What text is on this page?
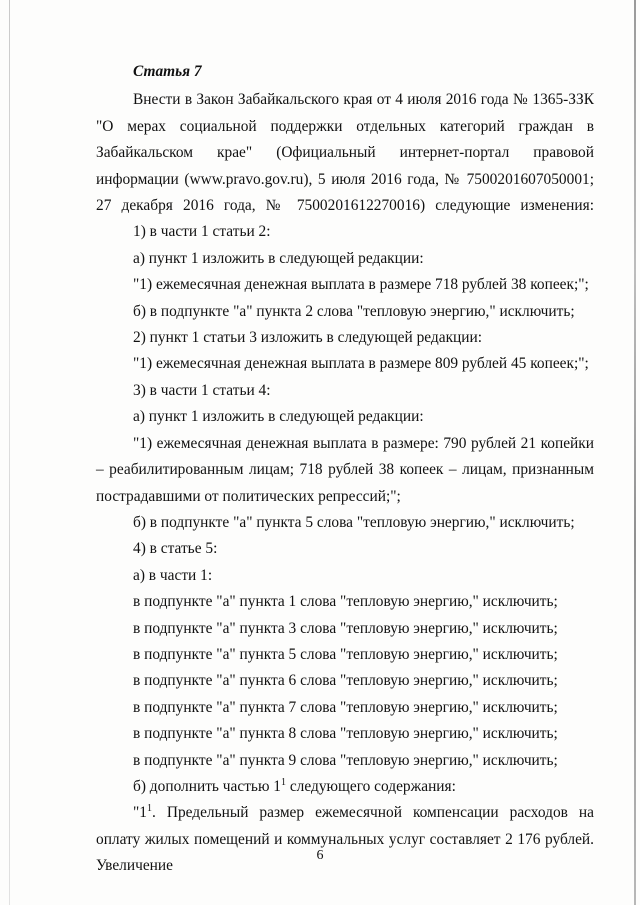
Статья 7

Внести в Закон Забайкальского края от 4 июля 2016 года № 1365-ЗЗК "О мерах социальной поддержки отдельных категорий граждан в Забайкальском крае" (Официальный интернет-портал правовой информации (www.pravo.gov.ru), 5 июля 2016 года, № 7500201607050001; 27 декабря 2016 года, № 7500201612270016) следующие изменения:

1) в части 1 статьи 2:

а) пункт 1 изложить в следующей редакции:

"1) ежемесячная денежная выплата в размере 718 рублей 38 копеек;";

б) в подпункте "а" пункта 2 слова "тепловую энергию," исключить;

2) пункт 1 статьи 3 изложить в следующей редакции:

"1) ежемесячная денежная выплата в размере 809 рублей 45 копеек;";

3) в части 1 статьи 4:

а) пункт 1 изложить в следующей редакции:

"1) ежемесячная денежная выплата в размере: 790 рублей 21 копейки – реабилитированным лицам; 718 рублей 38 копеек – лицам, признанным пострадавшими от политических репрессий;";

б) в подпункте "а" пункта 5 слова "тепловую энергию," исключить;

4) в статье 5:

а) в части 1:

в подпункте "а" пункта 1 слова "тепловую энергию," исключить;

в подпункте "а" пункта 3 слова "тепловую энергию," исключить;

в подпункте "а" пункта 5 слова "тепловую энергию," исключить;

в подпункте "а" пункта 6 слова "тепловую энергию," исключить;

в подпункте "а" пункта 7 слова "тепловую энергию," исключить;

в подпункте "а" пункта 8 слова "тепловую энергию," исключить;

в подпункте "а" пункта 9 слова "тепловую энергию," исключить;

б) дополнить частью $1^1$ следующего содержания:

"$1^1$. Предельный размер ежемесячной компенсации расходов на оплату жилых помещений и коммунальных услуг составляет 2 176 рублей. Увеличение

6
